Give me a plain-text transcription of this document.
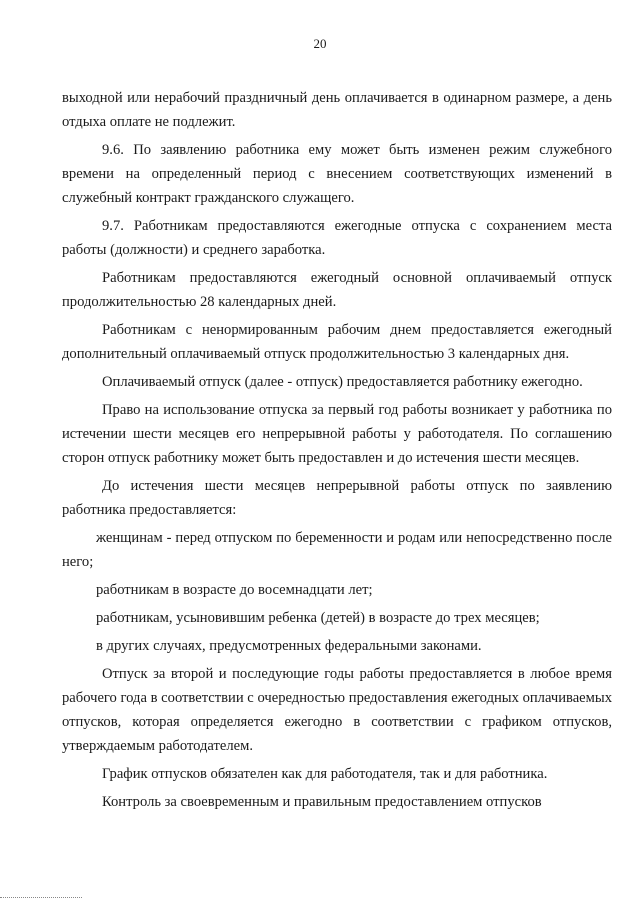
20

выходной или нерабочий праздничный день оплачивается в одинарном размере, а день отдыха оплате не подлежит.

9.6. По заявлению работника ему может быть изменен режим служебного времени на определенный период с внесением соответствующих изменений в служебный контракт гражданского служащего.

9.7. Работникам предоставляются ежегодные отпуска с сохранением места работы (должности) и среднего заработка.

Работникам предоставляются ежегодный основной оплачиваемый отпуск продолжительностью 28 календарных дней.

Работникам с ненормированным рабочим днем предоставляется ежегодный дополнительный оплачиваемый отпуск продолжительностью 3 календарных дня.

Оплачиваемый отпуск (далее - отпуск) предоставляется работнику ежегодно.

Право на использование отпуска за первый год работы возникает у работника по истечении шести месяцев его непрерывной работы у работодателя. По соглашению сторон отпуск работнику может быть предоставлен и до истечения шести месяцев.

До истечения шести месяцев непрерывной работы отпуск по заявлению работника предоставляется:

женщинам - перед отпуском по беременности и родам или непосредственно после него;

работникам в возрасте до восемнадцати лет;

работникам, усыновившим ребенка (детей) в возрасте до трех месяцев;

в других случаях, предусмотренных федеральными законами.

Отпуск за второй и последующие годы работы предоставляется в любое время рабочего года в соответствии с очередностью предоставления ежегодных оплачиваемых отпусков, которая определяется ежегодно в соответствии с графиком отпусков, утверждаемым работодателем.

График отпусков обязателен как для работодателя, так и для работника.

Контроль за своевременным и правильным предоставлением отпусков
